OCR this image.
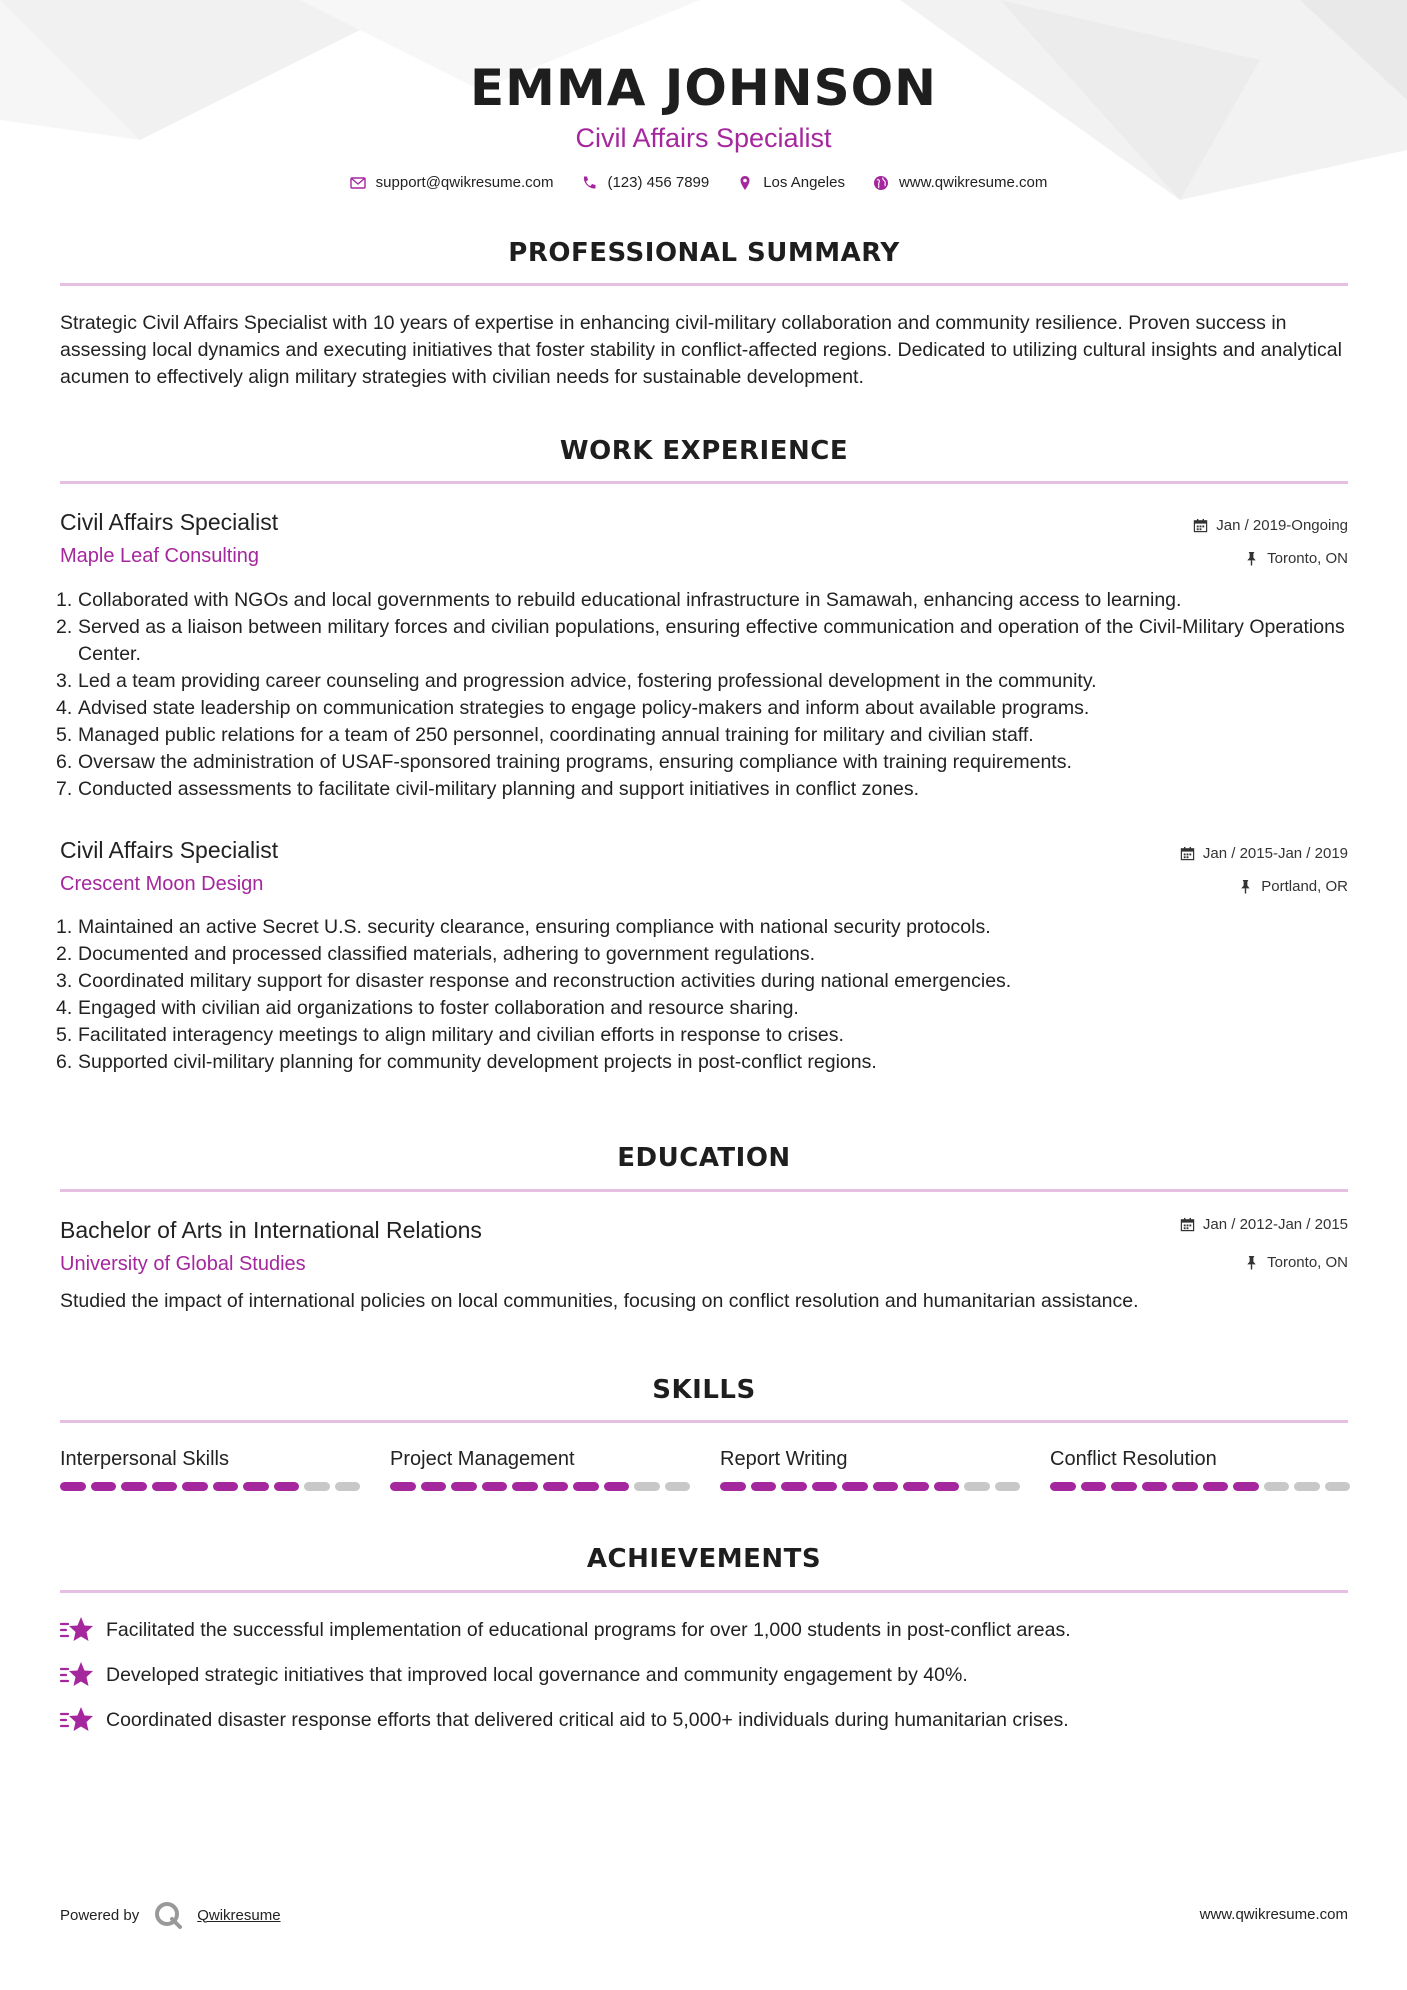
EMMA JOHNSON
Civil Affairs Specialist
support@qwikresume.com	(123) 456 7899	Los Angeles	www.qwikresume.com
PROFESSIONAL SUMMARY
Strategic Civil Affairs Specialist with 10 years of expertise in enhancing civil-military collaboration and community resilience. Proven success in assessing local dynamics and executing initiatives that foster stability in conflict-affected regions. Dedicated to utilizing cultural insights and analytical acumen to effectively align military strategies with civilian needs for sustainable development.
WORK EXPERIENCE
Civil Affairs Specialist
Maple Leaf Consulting
Jan / 2019-Ongoing
Toronto, ON
1. Collaborated with NGOs and local governments to rebuild educational infrastructure in Samawah, enhancing access to learning.
2. Served as a liaison between military forces and civilian populations, ensuring effective communication and operation of the Civil-Military Operations Center.
3. Led a team providing career counseling and progression advice, fostering professional development in the community.
4. Advised state leadership on communication strategies to engage policy-makers and inform about available programs.
5. Managed public relations for a team of 250 personnel, coordinating annual training for military and civilian staff.
6. Oversaw the administration of USAF-sponsored training programs, ensuring compliance with training requirements.
7. Conducted assessments to facilitate civil-military planning and support initiatives in conflict zones.
Civil Affairs Specialist
Crescent Moon Design
Jan / 2015-Jan / 2019
Portland, OR
1. Maintained an active Secret U.S. security clearance, ensuring compliance with national security protocols.
2. Documented and processed classified materials, adhering to government regulations.
3. Coordinated military support for disaster response and reconstruction activities during national emergencies.
4. Engaged with civilian aid organizations to foster collaboration and resource sharing.
5. Facilitated interagency meetings to align military and civilian efforts in response to crises.
6. Supported civil-military planning for community development projects in post-conflict regions.
EDUCATION
Bachelor of Arts in International Relations
University of Global Studies
Jan / 2012-Jan / 2015
Toronto, ON
Studied the impact of international policies on local communities, focusing on conflict resolution and humanitarian assistance.
SKILLS
Interpersonal Skills	Project Management	Report Writing	Conflict Resolution
ACHIEVEMENTS
Facilitated the successful implementation of educational programs for over 1,000 students in post-conflict areas.
Developed strategic initiatives that improved local governance and community engagement by 40%.
Coordinated disaster response efforts that delivered critical aid to 5,000+ individuals during humanitarian crises.
Powered by	Qwikresume	www.qwikresume.com
